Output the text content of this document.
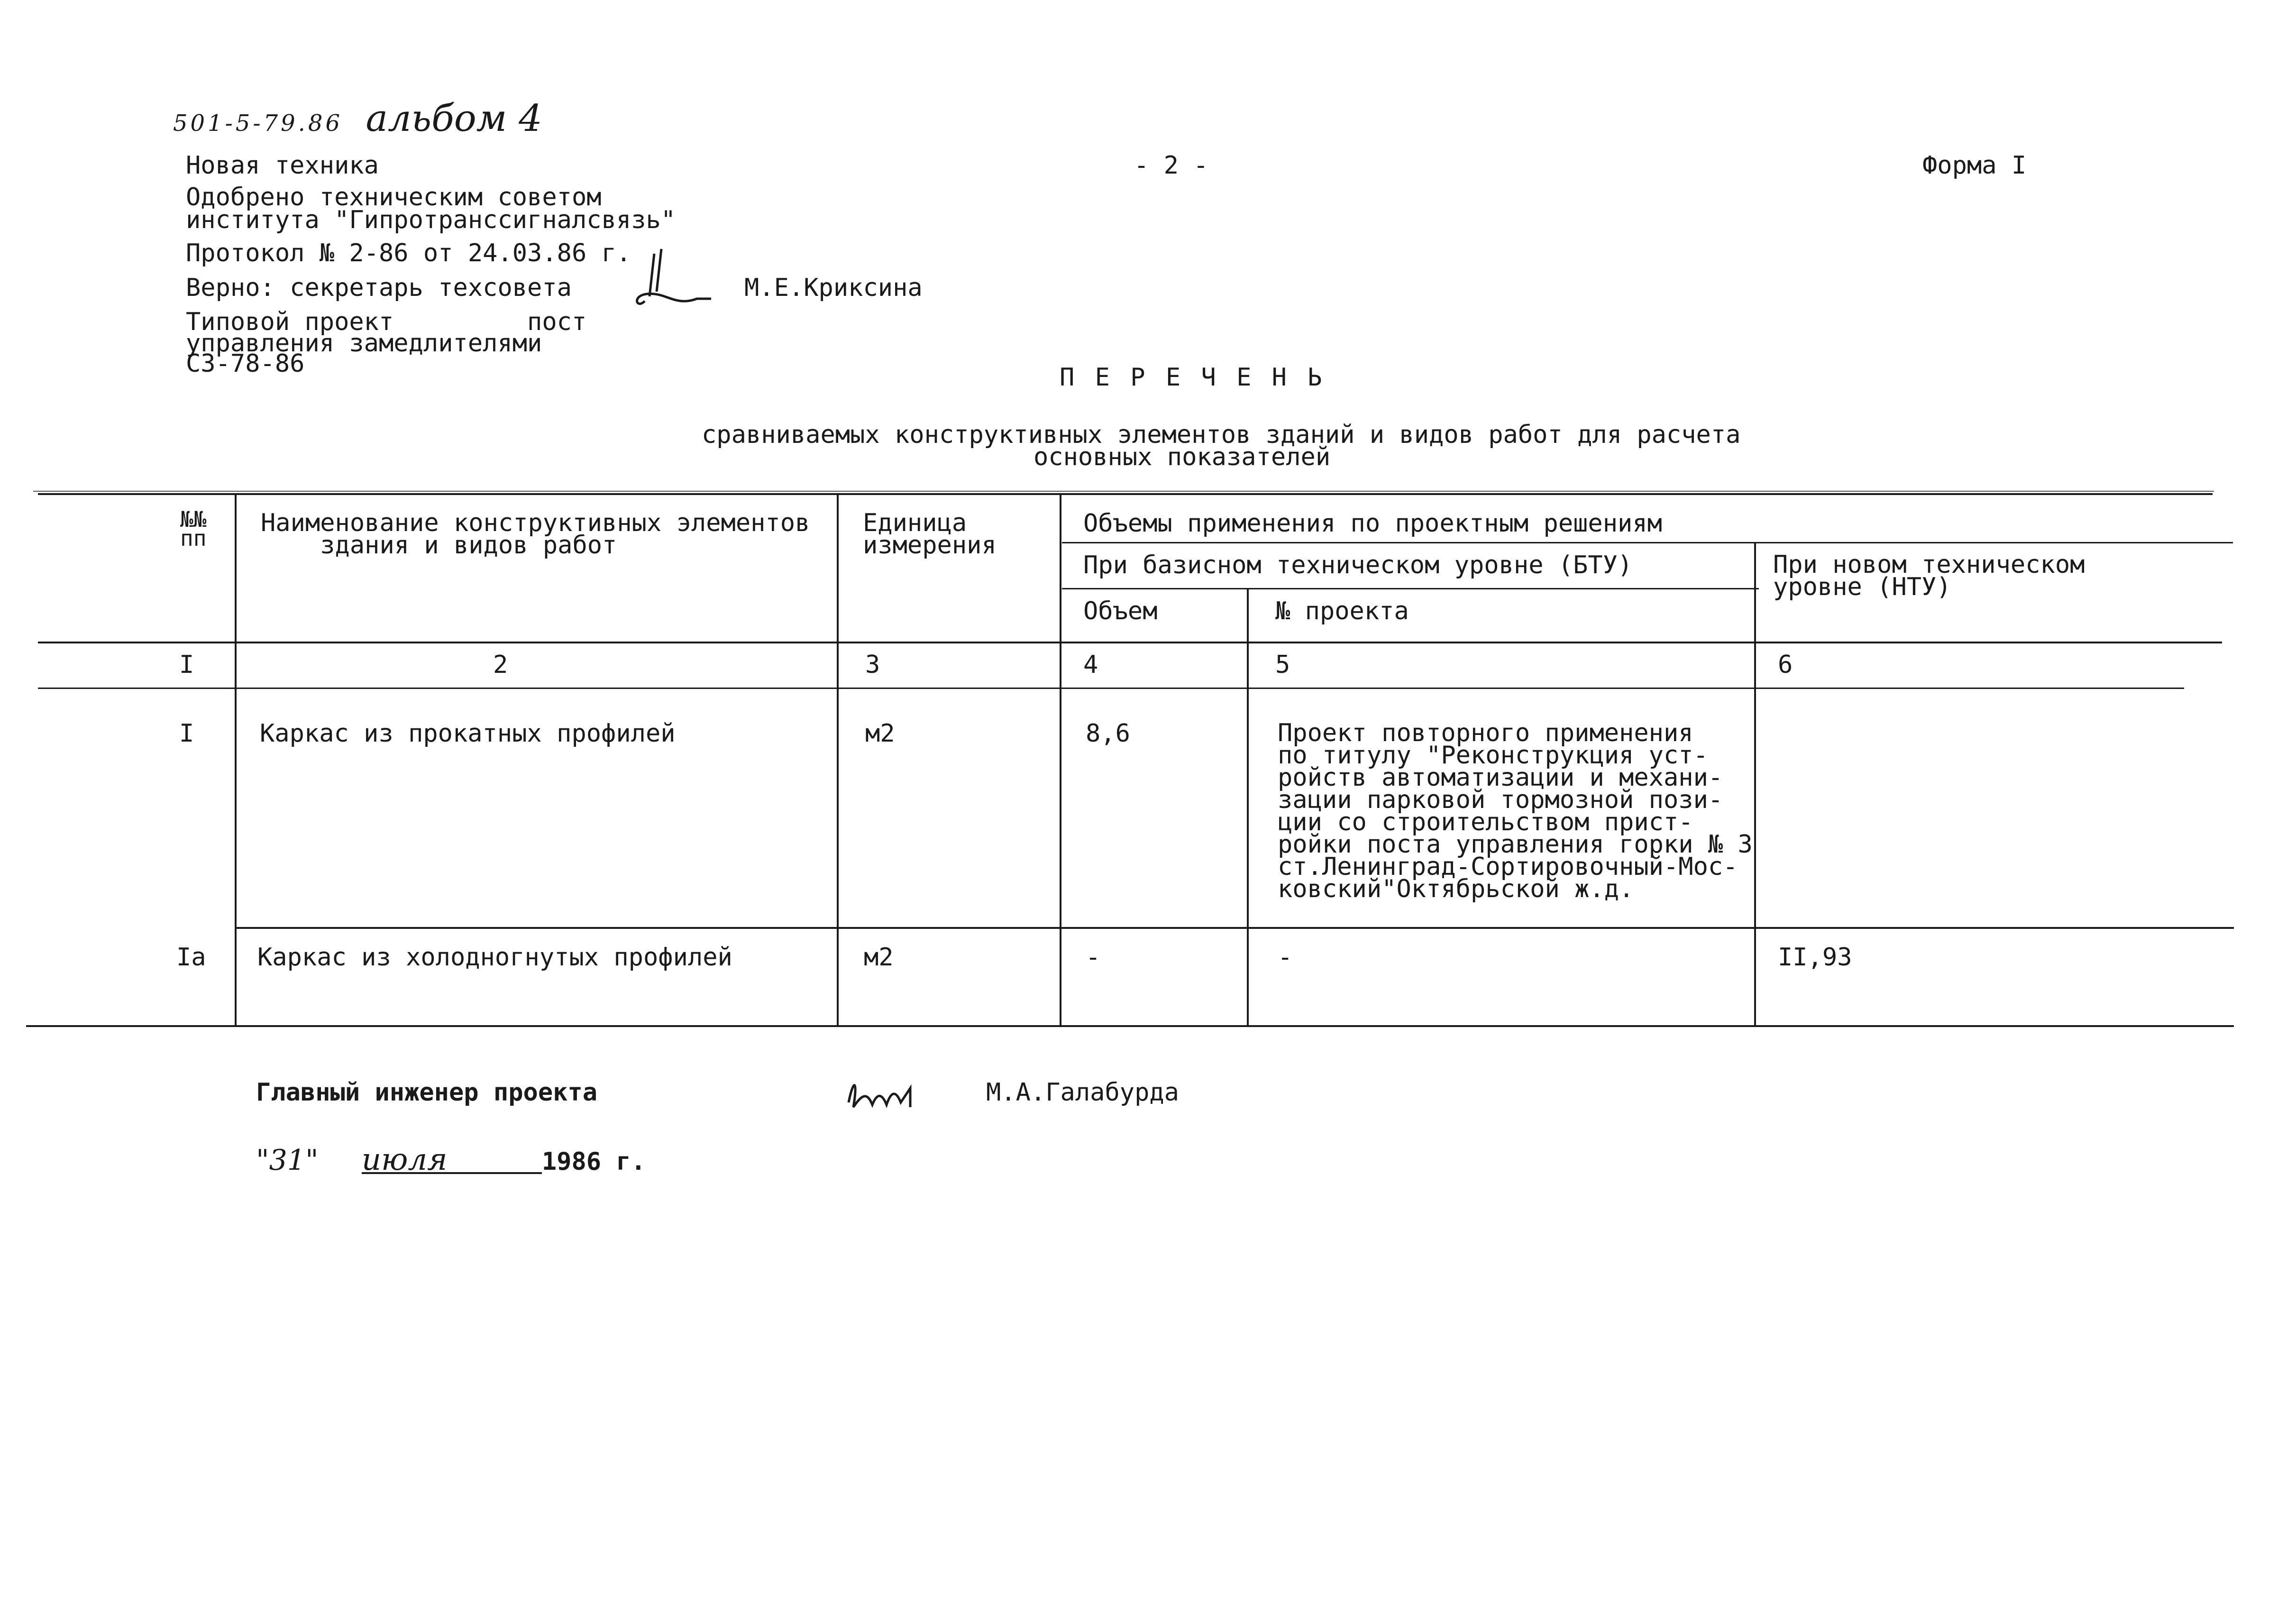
501-5-79.86 альбом 4
Новая техника
Одобрено техническим советом
института "Гипротранссигналсвязь"
Протокол № 2-86 от 24.03.86 г.
Верно: секретарь техсовета	М.Е.Криксина
Типовой проект         пост
управления замедлителями
СЗ-78-86
- 2 -	Форма I
П Е Р Е Ч Е Н Ь
сравниваемых конструктивных элементов зданий и видов работ для расчета
основных показателей
№№
пп
Наименование конструктивных элементов
здания и видов работ
Единица
измерения
Объемы применения по проектным решениям
При базисном техническом уровне (БТУ)	При новом техническом
уровне (НТУ)
Объем	№ проекта
I	2	3	4	5	6
I	Каркас из прокатных профилей	м2	8,6	Проект повторного применения
по титулу "Реконструкция уст-
ройств автоматизации и механи-
зации парковой тормозной пози-
ции со строительством прист-
ройки поста управления горки № 3
ст.Ленинград-Сортировочный-Мос-
ковский"Октябрьской ж.д.
Iа Каркас из холодногнутых профилей	м2	-	-	II,93
Главный инженер проекта	М.А.Галабурда
"31" июля	1986 г.
